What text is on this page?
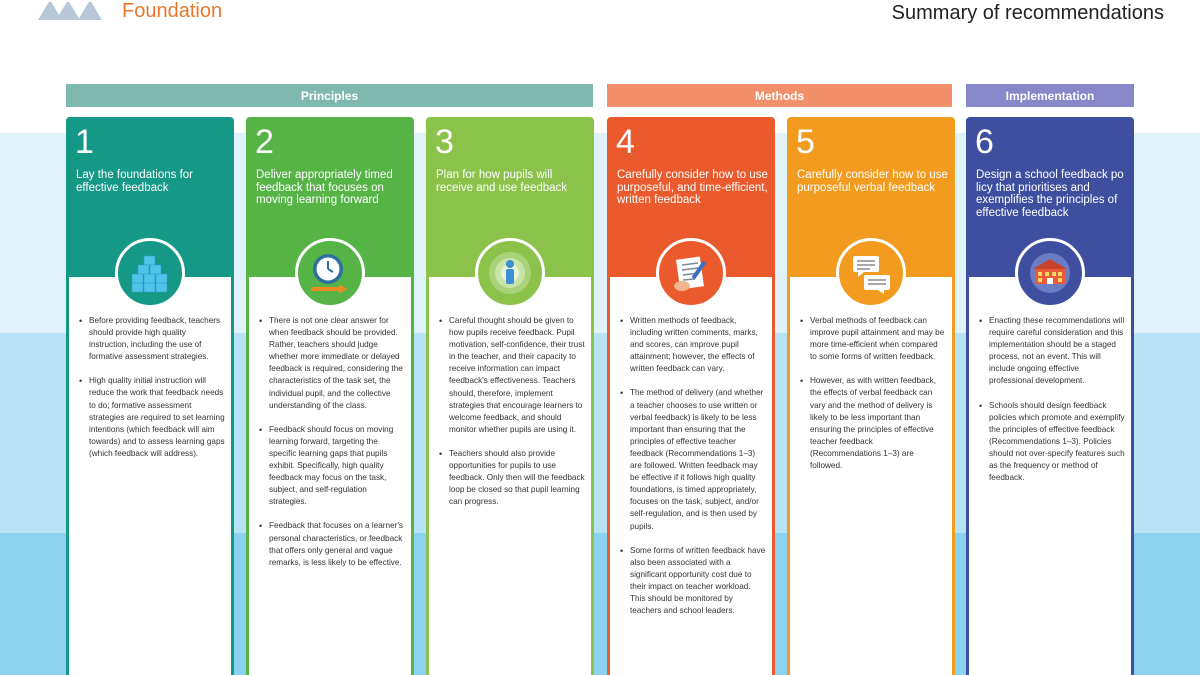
Foundation	Summary of recommendations
Principles	Methods	Implementation
1
Lay the foundations for effective feedback
• Before providing feedback, teachers should provide high quality instruction, including the use of formative assessment strategies.
• High quality initial instruction will reduce the work that feedback needs to do; formative assessment strategies are required to set learning intentions (which feedback will aim towards) and to assess learning gaps (which feedback will address).
2
Deliver appropriately timed feedback that focuses on moving learning forward
• There is not one clear answer for when feedback should be provided. Rather, teachers should judge whether more immediate or delayed feedback is required, considering the characteristics of the task set, the individual pupil, and the collective understanding of the class.
• Feedback should focus on moving learning forward, targeting the specific learning gaps that pupils exhibit. Specifically, high quality feedback may focus on the task, subject, and self-regulation strategies.
• Feedback that focuses on a learner's personal characteristics, or feedback that offers only general and vague remarks, is less likely to be effective.
3
Plan for how pupils will receive and use feedback
• Careful thought should be given to how pupils receive feedback. Pupil motivation, self-confidence, their trust in the teacher, and their capacity to receive information can impact feedback's effectiveness. Teachers should, therefore, implement strategies that encourage learners to welcome feedback, and should monitor whether pupils are using it.
• Teachers should also provide opportunities for pupils to use feedback. Only then will the feedback loop be closed so that pupil learning can progress.
4
Carefully consider how to use purposeful, and time-efficient, written feedback
• Written methods of feedback, including written comments, marks, and scores, can improve pupil attainment; however, the effects of written feedback can vary.
• The method of delivery (and whether a teacher chooses to use written or verbal feedback) is likely to be less important than ensuring that the principles of effective teacher feedback (Recommendations 1–3) are followed. Written feedback may be effective if it follows high quality foundations, is timed appropriately, focuses on the task, subject, and/or self-regulation, and is then used by pupils.
• Some forms of written feedback have also been associated with a significant opportunity cost due to their impact on teacher workload. This should be monitored by teachers and school leaders.
5
Carefully consider how to use purposeful verbal feedback
• Verbal methods of feedback can improve pupil attainment and may be more time-efficient when compared to some forms of written feedback.
• However, as with written feedback, the effects of verbal feedback can vary and the method of delivery is likely to be less important than ensuring the principles of effective teacher feedback (Recommendations 1–3) are followed.
6
Design a school feedback po licy that prioritises and exemplifies the principles of effective feedback
• Enacting these recommendations will require careful consideration and this implementation should be a staged process, not an event. This will include ongoing effective professional development.
• Schools should design feedback policies which promote and exemplify the principles of effective feedback (Recommendations 1–3). Policies should not over-specify features such as the frequency or method of feedback.
